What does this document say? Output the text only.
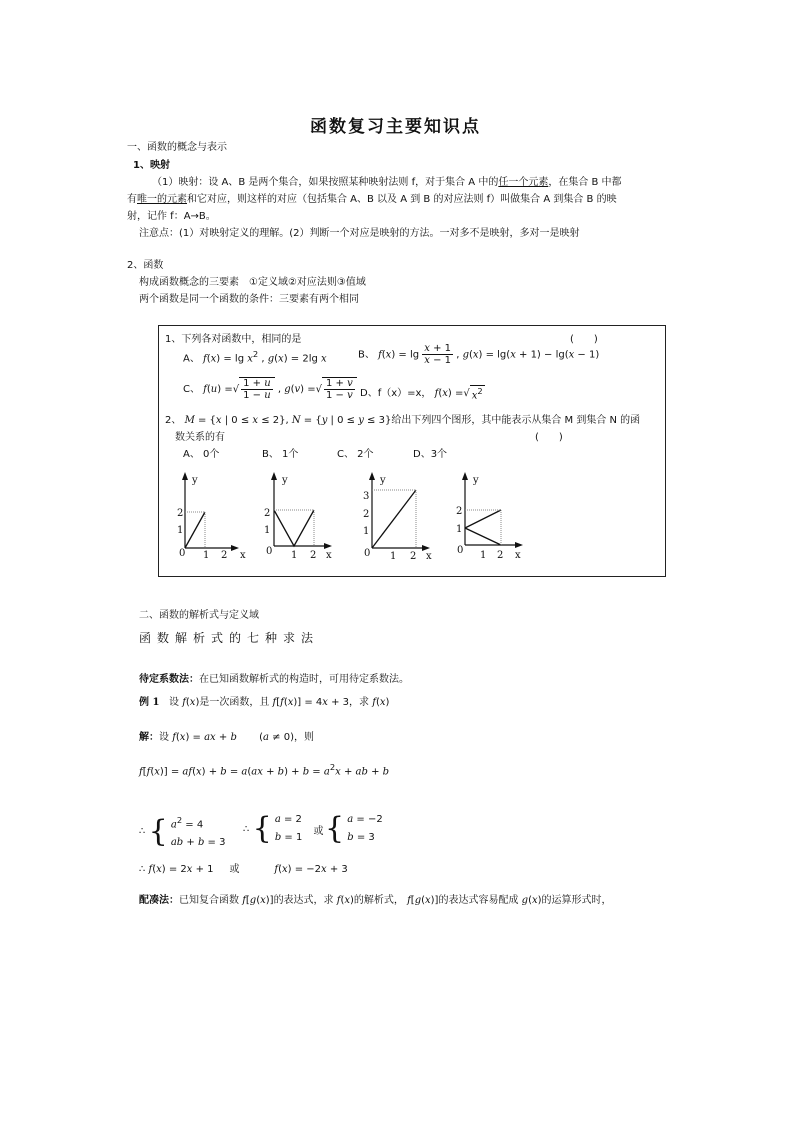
函数复习主要知识点
一、函数的概念与表示
1、映射
（1）映射：设 A、B 是两个集合，如果按照某种映射法则 f，对于集合 A 中的任一个元素，在集合 B 中都
有唯一的元素和它对应，则这样的对应（包括集合 A、B 以及 A 到 B 的对应法则 f）叫做集合 A 到集合 B 的映
射，记作 f：A→B。
注意点：(1）对映射定义的理解。(2）判断一个对应是映射的方法。一对多不是映射，多对一是映射
2、函数
构成函数概念的三要素　①定义域②对应法则③值域
两个函数是同一个函数的条件：三要素有两个相同
1、下列各对函数中，相同的是	(　　)
A、 $f(x) = \lg x^2$ , g(x) = 2lg x	B、 $f(x) = \lg \frac{x + 1}{x - 1}$ , g(x) = lg(x + 1) − lg(x − 1)
C、 f(u) =√ $\frac{1 + u}{1 - u}$ , g(v) =√ $\frac{1 + v}{1 - v}$ D、f（x）=x， f(x) =√ $x^2$
2、 M = {x | 0 ≤ x ≤ 2}, N = {y | 0 ≤ y ≤ 3}给出下列四个图形，其中能表示从集合 M 到集合 N 的函
数关系的有	(　　)
A、 0个	B、 1个	C、 2个	D、3个
y
2
1
0 1 2 x
y
2
1
0 1 2 x
y
3
2
1
0 1 2 x
y
2
1
0 1 2 x
二、函数的解析式与定义域
函数解析式的七种求法
待定系数法：在已知函数解析式的构造时，可用待定系数法。
例 1 设 f(x)是一次函数，且 f[f(x)] = 4x + 3，求 f(x)
解：设 f(x) = ax + b       (a ≠ 0)，则
$f[f(x)] = af(x) + b = a(ax + b) + b = a^2x$ + ab + b
∴ { $a^2 = 4$
ab + b = 3
∴ { a = 2
b = 1
或 { a = −2
b = 3
∴ f(x) = 2x + 1     或	f(x) = −2x + 3
配凑法：已知复合函数 f[g(x)]的表达式，求 f(x)的解析式， f[g(x)]的表达式容易配成 g(x)的运算形式时，
